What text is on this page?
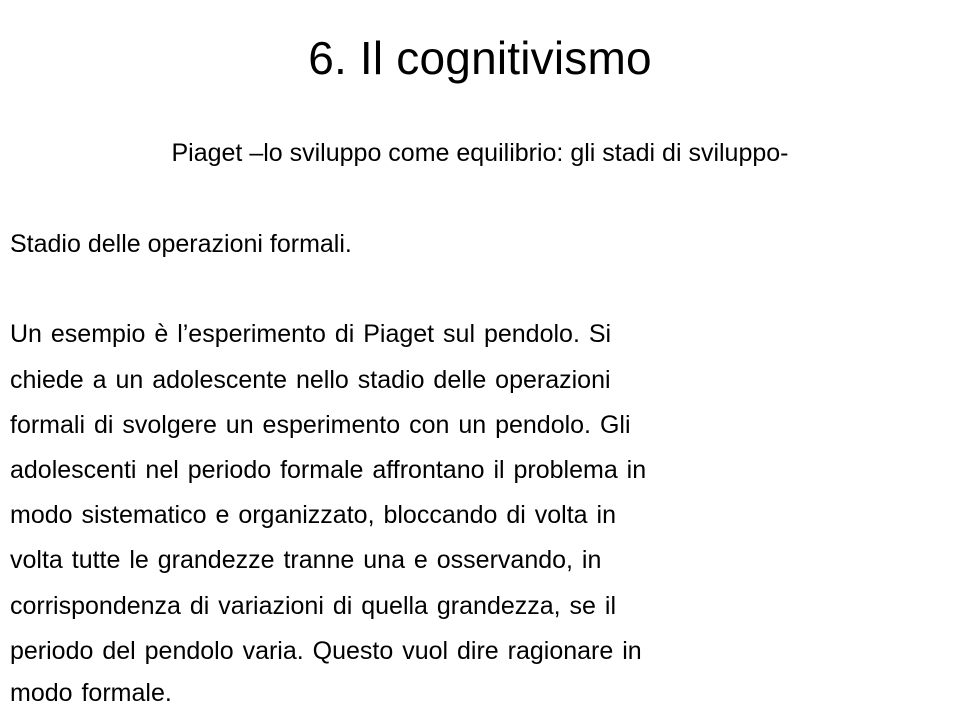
6. Il cognitivismo
Piaget –lo sviluppo come equilibrio: gli stadi di sviluppo-
Stadio delle operazioni formali.
Un esempio è l’esperimento di Piaget sul pendolo. Si
chiede a un adolescente nello stadio delle operazioni
formali di svolgere un esperimento con un pendolo. Gli
adolescenti nel periodo formale affrontano il problema in
modo sistematico e organizzato, bloccando di volta in
volta tutte le grandezze tranne una e osservando, in
corrispondenza di variazioni di quella grandezza, se il
periodo del pendolo varia. Questo vuol dire ragionare in
modo formale.
